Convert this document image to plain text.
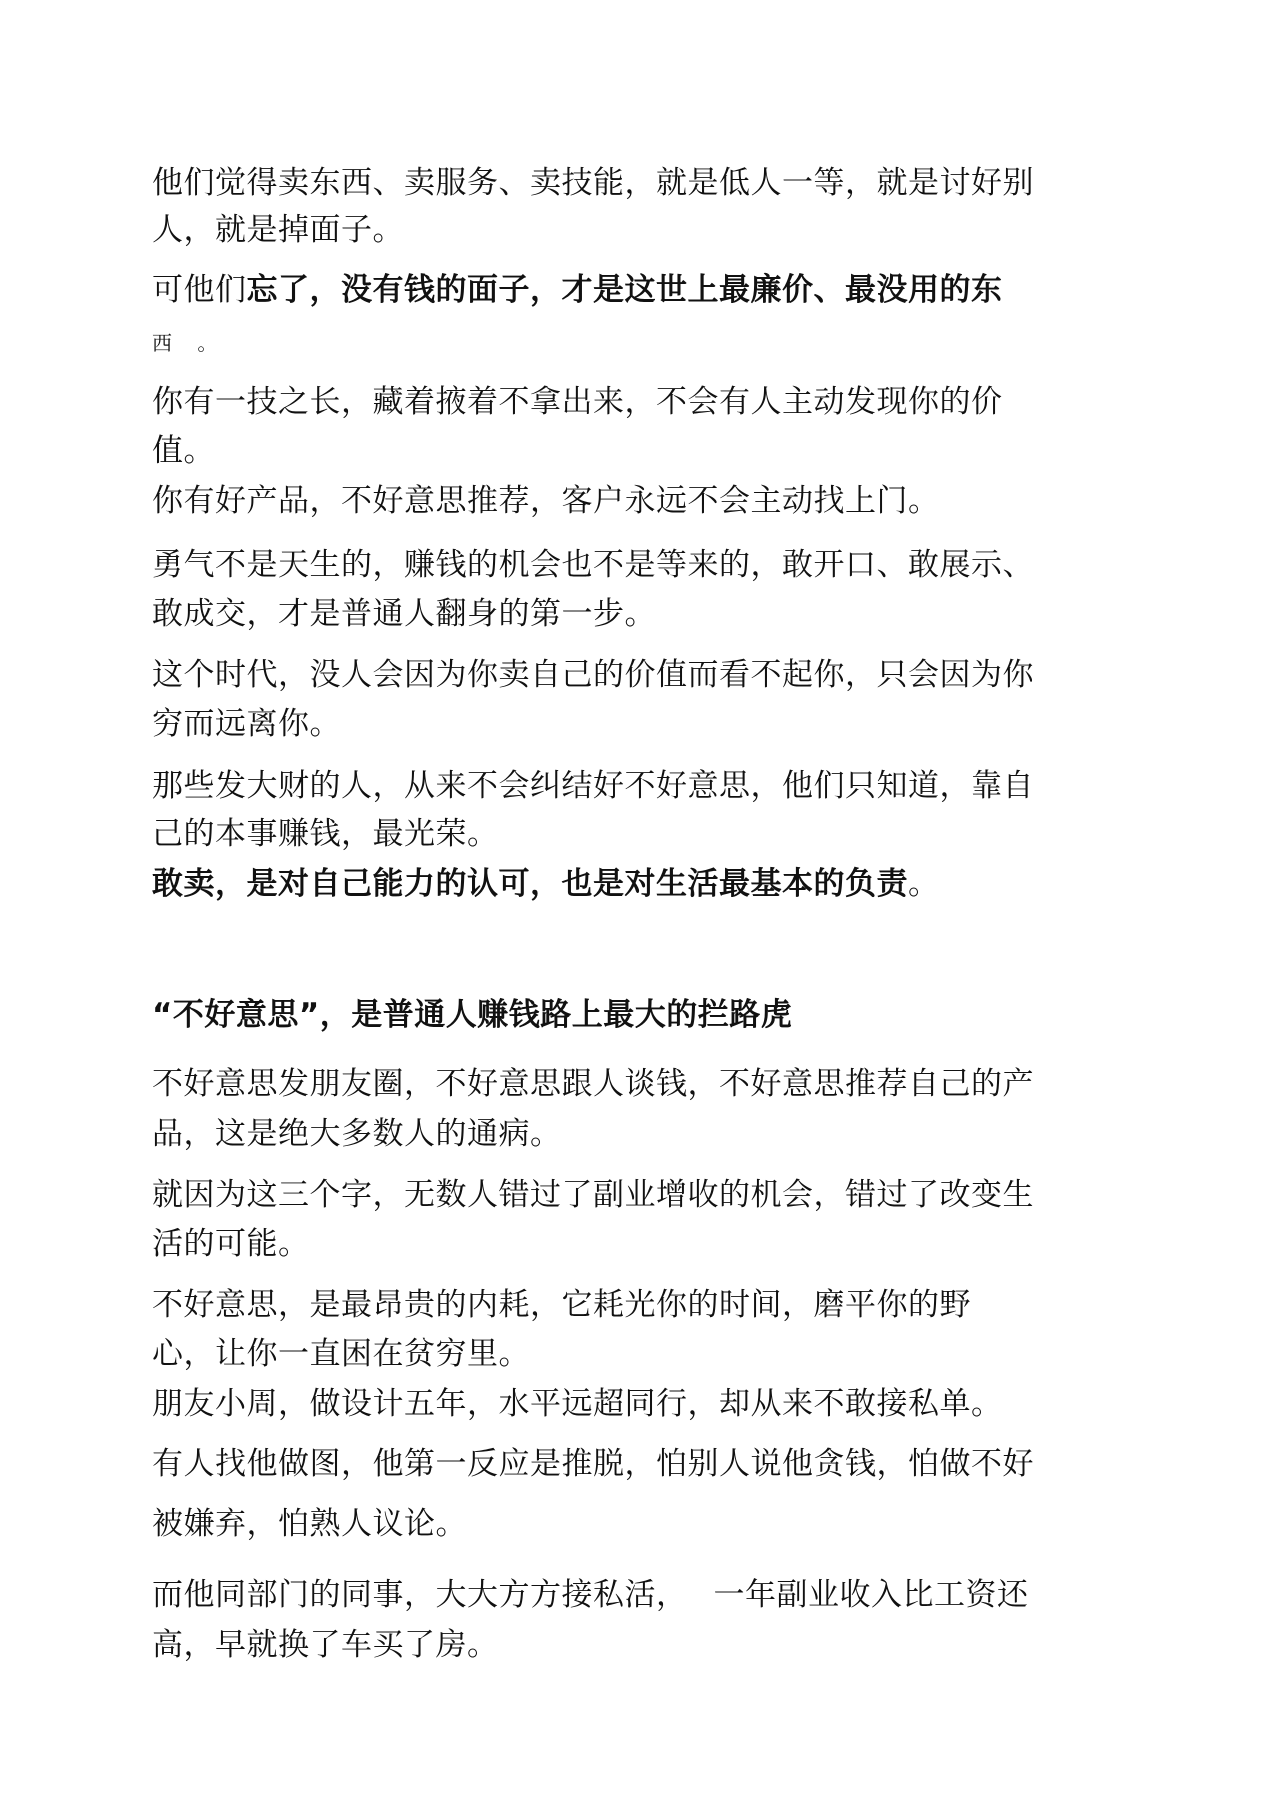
他们觉得卖东西、卖服务、卖技能，就是低人一等，就是讨好别

人，就是掉面子。

可他们忘了，没有钱的面子，才是这世上最廉价、最没用的东

西 。

你有一技之长，藏着掖着不拿出来，不会有人主动发现你的价

值。

你有好产品，不好意思推荐，客户永远不会主动找上门。

勇气不是天生的，赚钱的机会也不是等来的，敢开口、敢展示、

敢成交，才是普通人翻身的第一步。

这个时代，没人会因为你卖自己的价值而看不起你，只会因为你

穷而远离你。

那些发大财的人，从来不会纠结好不好意思，他们只知道，靠自

己的本事赚钱，最光荣。

敢卖，是对自己能力的认可，也是对生活最基本的负责。

“不好意思”，是普通人赚钱路上最大的拦路虎

不好意思发朋友圈，不好意思跟人谈钱，不好意思推荐自己的产

品，这是绝大多数人的通病。

就因为这三个字，无数人错过了副业增收的机会，错过了改变生

活的可能。

不好意思，是最昂贵的内耗，它耗光你的时间，磨平你的野

心，让你一直困在贫穷里。

朋友小周，做设计五年，水平远超同行，却从来不敢接私单。

有人找他做图，他第一反应是推脱，怕别人说他贪钱，怕做不好

被嫌弃，怕熟人议论。

而他同部门的同事，大大方方接私活， 一年副业收入比工资还

高，早就换了车买了房。
